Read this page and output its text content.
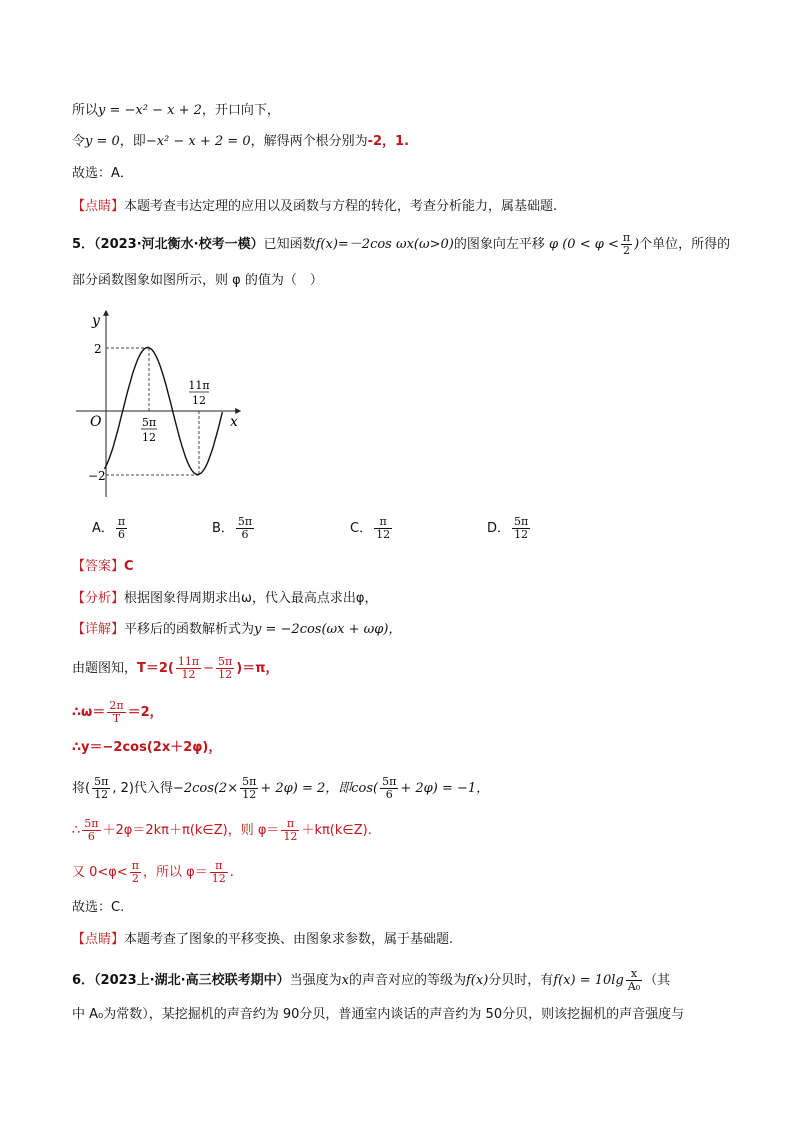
所以y = −x² − x + 2，开口向下，
令y = 0，即−x² − x + 2 = 0，解得两个根分别为-2，1.
故选：A．
【点睛】本题考查韦达定理的应用以及函数与方程的转化，考查分析能力，属基础题.
5．（2023·河北衡水·校考一模）已知函数f(x)=－2cos ωx(ω>0)的图象向左平移 φ ($0 < \varphi < \frac{\pi}{2}$ )个单位，所得的
部分函数图象如图所示，则 φ 的值为（　）
y
x
O
2
−2
5π
12
11π
12
A． $\frac{\pi}{6}$	B． $\frac{5\pi}{6}$	C． $\frac{\pi}{12}$	D． $\frac{5\pi}{12}$
【答案】C
【分析】根据图象得周期求出ω，代入最高点求出φ，
【详解】平移后的函数解析式为y = −2cos(ωx + ωφ)，
由题图知，$T=2( \frac{11\pi}{12} - \frac{5\pi}{12} )=\pi$，
∴ω＝ $\frac{2\pi}{T} =2$，
∴y＝−2cos(2x＋2φ)，
将( $\frac{5\pi}{12}$ , 2)代入得$-2\cos(2\times \frac{5\pi}{12} + 2\varphi) = 2$，即$\cos( \frac{5\pi}{6} + 2\varphi) = -1$，
∴ $\frac{5\pi}{6}$ ＋2φ＝2kπ＋π(k∈Z)，则 $\varphi= \frac{\pi}{12}$ ＋kπ(k∈Z).
又 $0<\varphi< \frac{\pi}{2}$ ，所以 $\varphi= \frac{\pi}{12}$ .
故选：C.
【点睛】本题考查了图象的平移变换、由图象求参数，属于基础题.
6．（2023上·湖北·高三校联考期中）当强度为x的声音对应的等级为f(x)分贝时，有$f(x) = 10\lg \frac{x}{\text{A₀}}$ （其
中 A₀为常数），某挖掘机的声音约为 90分贝，普通室内谈话的声音约为 50分贝，则该挖掘机的声音强度与
